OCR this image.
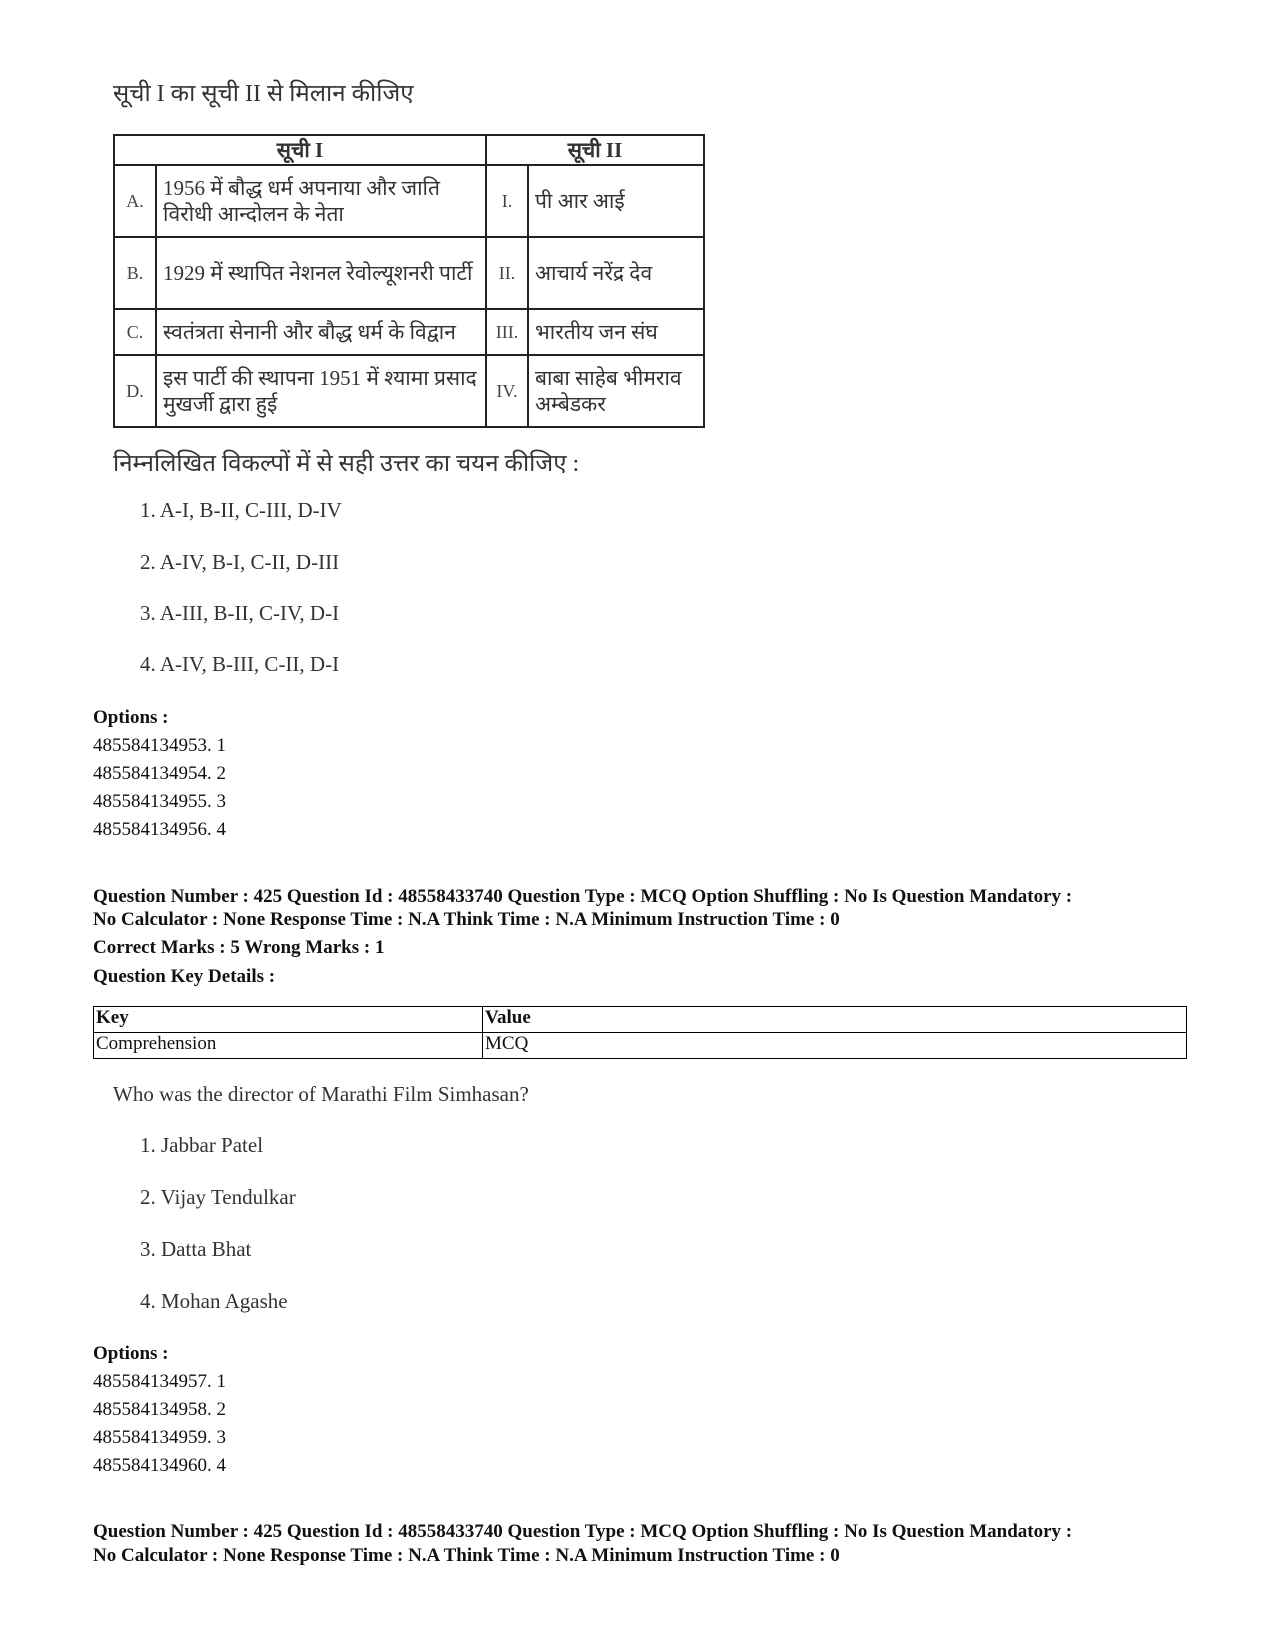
सूची I का सूची II से मिलान कीजिए
सूची I		सूची II	
A.	1956 में बौद्ध धर्म अपनाया और जाति विरोधी आन्दोलन के नेता	I.	पी आर आई
B.	1929 में स्थापित नेशनल रेवोल्यूशनरी पार्टी	II.	आचार्य नरेंद्र देव
C.	स्वतंत्रता सेनानी और बौद्ध धर्म के विद्वान	III.	भारतीय जन संघ
D.	इस पार्टी की स्थापना 1951 में श्यामा प्रसाद मुखर्जी द्वारा हुई	IV.	बाबा साहेब भीमराव अम्बेडकर
निम्नलिखित विकल्पों में से सही उत्तर का चयन कीजिए :
1. A-I, B-II, C-III, D-IV
2. A-IV, B-I, C-II, D-III
3. A-III, B-II, C-IV, D-I
4. A-IV, B-III, C-II, D-I
Options :
485584134953. 1
485584134954. 2
485584134955. 3
485584134956. 4
Question Number : 425 Question Id : 48558433740 Question Type : MCQ Option Shuffling : No Is Question Mandatory :
No Calculator : None Response Time : N.A Think Time : N.A Minimum Instruction Time : 0
Correct Marks : 5 Wrong Marks : 1
Question Key Details :
Key	Value
Comprehension	MCQ
Who was the director of Marathi Film Simhasan?
1. Jabbar Patel
2. Vijay Tendulkar
3. Datta Bhat
4. Mohan Agashe
Options :
485584134957. 1
485584134958. 2
485584134959. 3
485584134960. 4
Question Number : 425 Question Id : 48558433740 Question Type : MCQ Option Shuffling : No Is Question Mandatory :
No Calculator : None Response Time : N.A Think Time : N.A Minimum Instruction Time : 0
